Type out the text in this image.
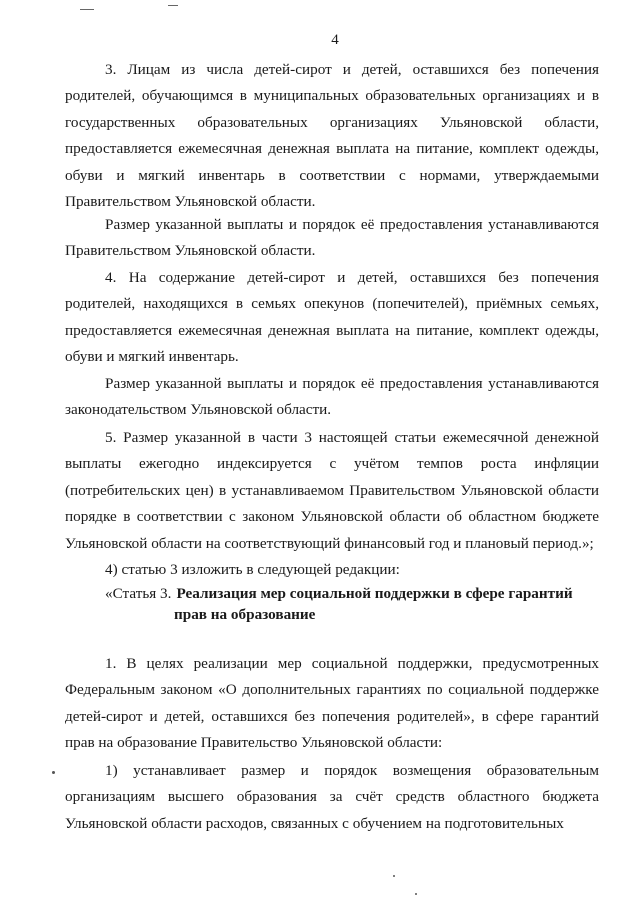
4

3. Лицам из числа детей-сирот и детей, оставшихся без попечения родителей, обучающимся в муниципальных образовательных организациях и в государственных образовательных организациях Ульяновской области, предоставляется ежемесячная денежная выплата на питание, комплект одежды, обуви и мягкий инвентарь в соответствии с нормами, утверждаемыми Правительством Ульяновской области.

Размер указанной выплаты и порядок её предоставления устанавливаются Правительством Ульяновской области.

4. На содержание детей-сирот и детей, оставшихся без попечения родителей, находящихся в семьях опекунов (попечителей), приёмных семьях, предоставляется ежемесячная денежная выплата на питание, комплект одежды, обуви и мягкий инвентарь.

Размер указанной выплаты и порядок её предоставления устанавливаются законодательством Ульяновской области.

5. Размер указанной в части 3 настоящей статьи ежемесячной денежной выплаты ежегодно индексируется с учётом темпов роста инфляции (потребительских цен) в устанавливаемом Правительством Ульяновской области порядке в соответствии с законом Ульяновской области об областном бюджете Ульяновской области на соответствующий финансовый год и плановый период.»;

4) статью 3 изложить в следующей редакции:

«Статья 3. Реализация мер социальной поддержки в сфере гарантий
прав на образование

1. В целях реализации мер социальной поддержки, предусмотренных Федеральным законом «О дополнительных гарантиях по социальной поддержке детей-сирот и детей, оставшихся без попечения родителей», в сфере гарантий прав на образование Правительство Ульяновской области:

1) устанавливает размер и порядок возмещения образовательным организациям высшего образования за счёт средств областного бюджета Ульяновской области расходов, связанных с обучением на подготовительных
